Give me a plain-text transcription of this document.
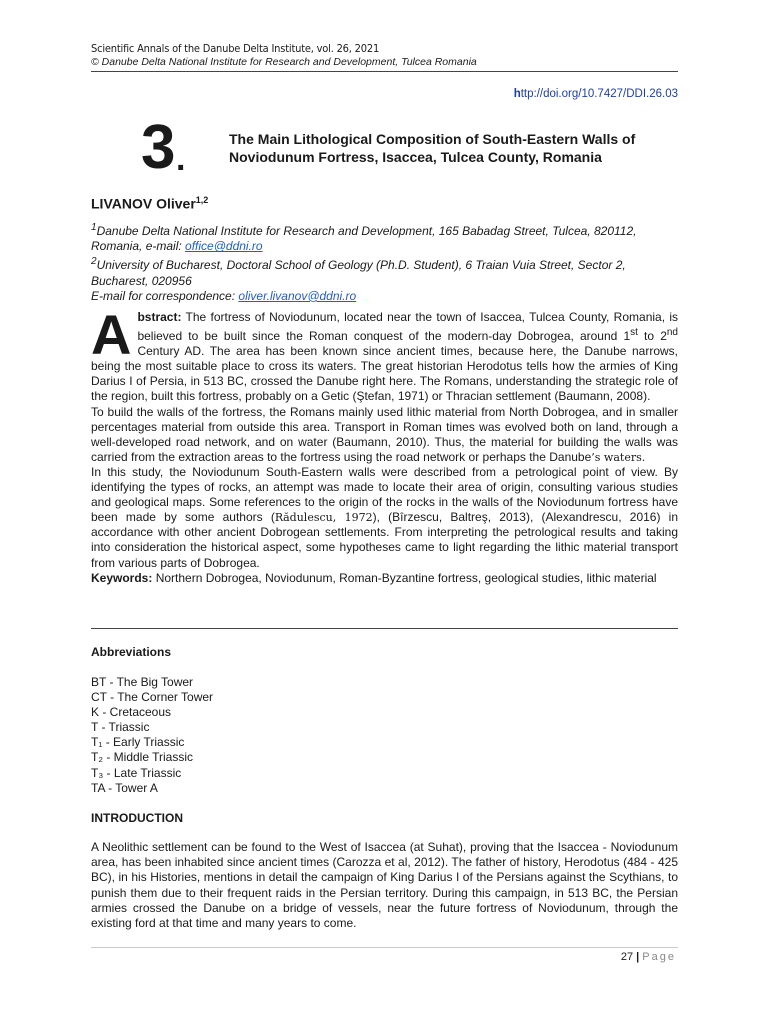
Scientific Annals of the Danube Delta Institute, vol. 26, 2021
© Danube Delta National Institute for Research and Development, Tulcea Romania
http://doi.org/10.7427/DDI.26.03
3 .
The Main Lithological Composition of South-Eastern Walls of Noviodunum Fortress, Isaccea, Tulcea County, Romania
LIVANOV Oliver$^{1,2}$
$^1$Danube Delta National Institute for Research and Development, 165 Babadag Street, Tulcea, 820112, Romania, e-mail: office@ddni.ro
$^2$University of Bucharest, Doctoral School of Geology (Ph.D. Student), 6 Traian Vuia Street, Sector 2, Bucharest, 020956
E-mail for correspondence: oliver.livanov@ddni.ro

Abstract: The fortress of Noviodunum, located near the town of Isaccea, Tulcea County, Romania, is believed to be built since the Roman conquest of the modern-day Dobrogea, around 1st to 2nd Century AD. The area has been known since ancient times, because here, the Danube narrows, being the most suitable place to cross its waters. The great historian Herodotus tells how the armies of King Darius I of Persia, in 513 BC, crossed the Danube right here. The Romans, understanding the strategic role of the region, built this fortress, probably on a Getic (Ştefan, 1971) or Thracian settlement (Baumann, 2008).

To build the walls of the fortress, the Romans mainly used lithic material from North Dobrogea, and in smaller percentages material from outside this area. Transport in Roman times was evolved both on land, through a well-developed road network, and on water (Baumann, 2010). Thus, the material for building the walls was carried from the extraction areas to the fortress using the road network or perhaps the Danube’s waters.

In this study, the Noviodunum South-Eastern walls were described from a petrological point of view. By identifying the types of rocks, an attempt was made to locate their area of origin, consulting various studies and geological maps. Some references to the origin of the rocks in the walls of the Noviodunum fortress have been made by some authors (Rădulescu, 1972), (Bîrzescu, Baltreş, 2013), (Alexandrescu, 2016) in accordance with other ancient Dobrogean settlements. From interpreting the petrological results and taking into consideration the historical aspect, some hypotheses came to light regarding the lithic material transport from various parts of Dobrogea.

Keywords: Northern Dobrogea, Noviodunum, Roman-Byzantine fortress, geological studies, lithic material

Abbreviations
BT - The Big Tower
CT - The Corner Tower
K - Cretaceous
T - Triassic
T₁ - Early Triassic
T₂ - Middle Triassic
T₃ - Late Triassic
TA - Tower A
INTRODUCTION

A Neolithic settlement can be found to the West of Isaccea (at Suhat), proving that the Isaccea - Noviodunum area, has been inhabited since ancient times (Carozza et al, 2012). The father of history, Herodotus (484 - 425 BC), in his Histories, mentions in detail the campaign of King Darius I of the Persians against the Scythians, to punish them due to their frequent raids in the Persian territory. During this campaign, in 513 BC, the Persian armies crossed the Danube on a bridge of vessels, near the future fortress of Noviodunum, through the existing ford at that time and many years to come.

27 | Page
